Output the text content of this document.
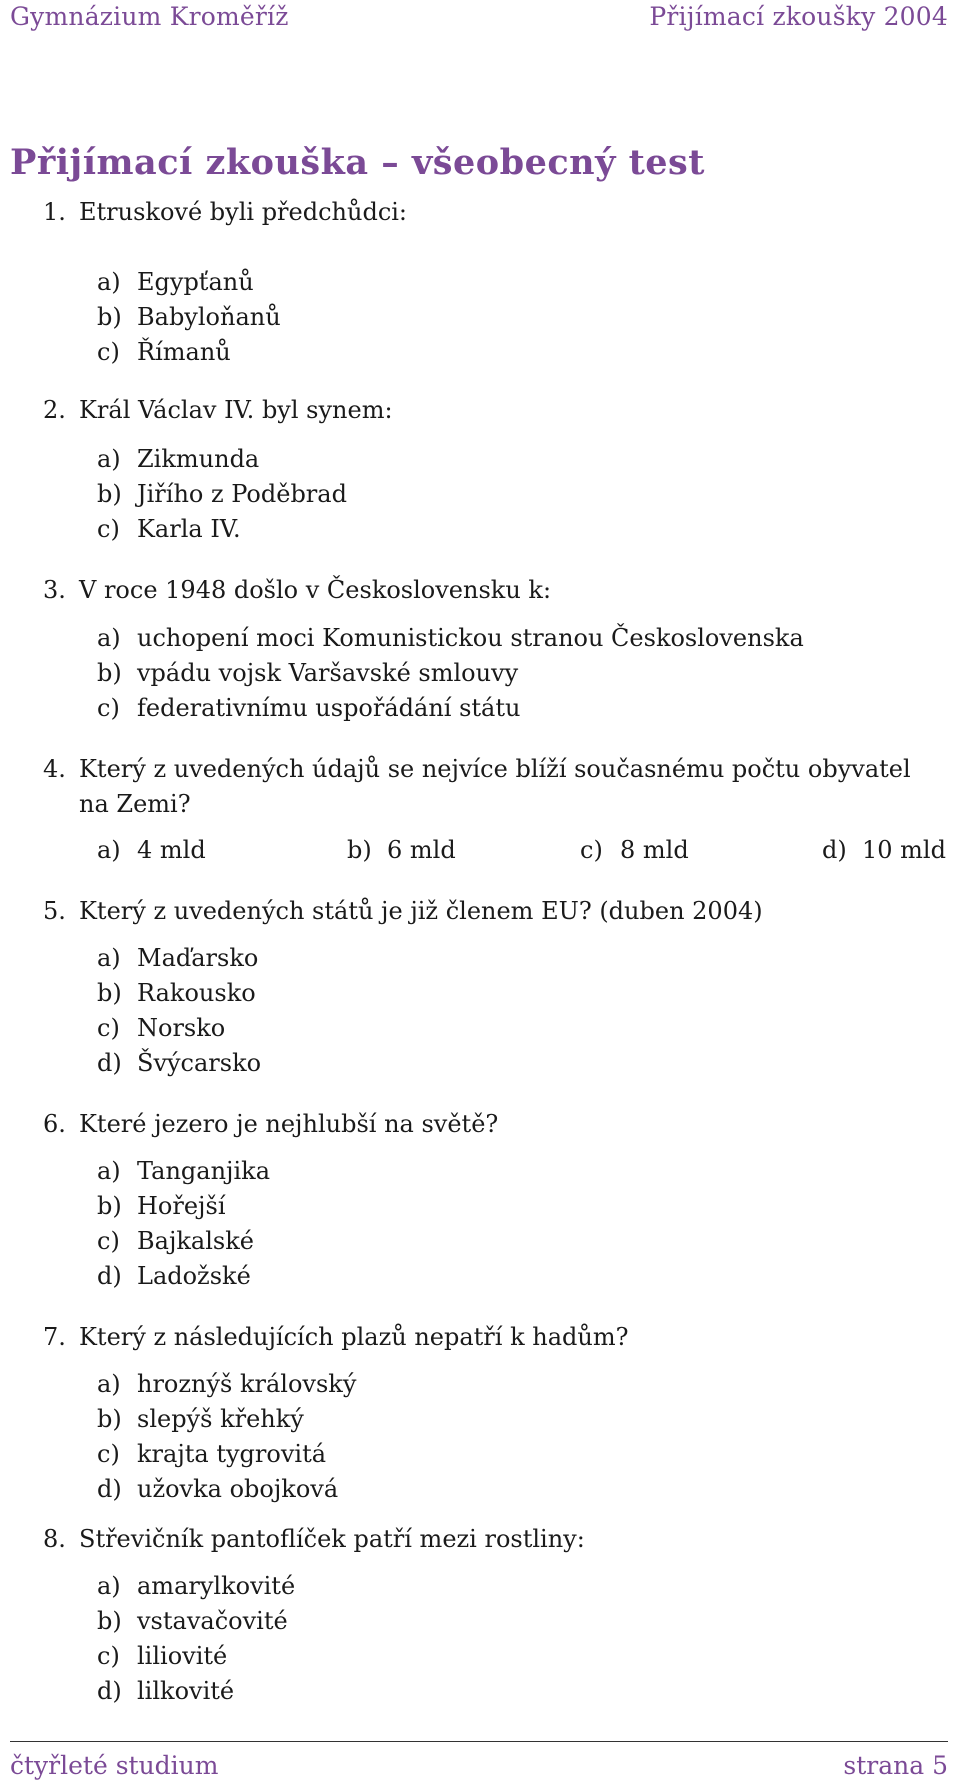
Gymnázium Kroměříž	Přijímací zkoušky 2004
Přijímací zkouška – všeobecný test
1. Etruskové byli předchůdci:
a) Egypťanů
b) Babyloňanů
c) Římanů
2. Král Václav IV. byl synem:
a) Zikmunda
b) Jiřího z Poděbrad
c) Karla IV.
3. V roce 1948 došlo v Československu k:
a) uchopení moci Komunistickou stranou Československa
b) vpádu vojsk Varšavské smlouvy
c) federativnímu uspořádání státu
4. Který z uvedených údajů se nejvíce blíží současnému počtu obyvatel
na Zemi?
a) 4 mld	b) 6 mld	c) 8 mld	d) 10 mld
5. Který z uvedených států je již členem EU? (duben 2004)
a) Maďarsko
b) Rakousko
c) Norsko
d) Švýcarsko
6. Které jezero je nejhlubší na světě?
a) Tanganjika
b) Hořejší
c) Bajkalské
d) Ladožské
7. Který z následujících plazů nepatří k hadům?
a) hroznýš královský
b) slepýš křehký
c) krajta tygrovitá
d) užovka obojková
8. Střevičník pantoflíček patří mezi rostliny:
a) amarylkovité
b) vstavačovité
c) liliovité
d) lilkovité
čtyřleté studium	strana 5
